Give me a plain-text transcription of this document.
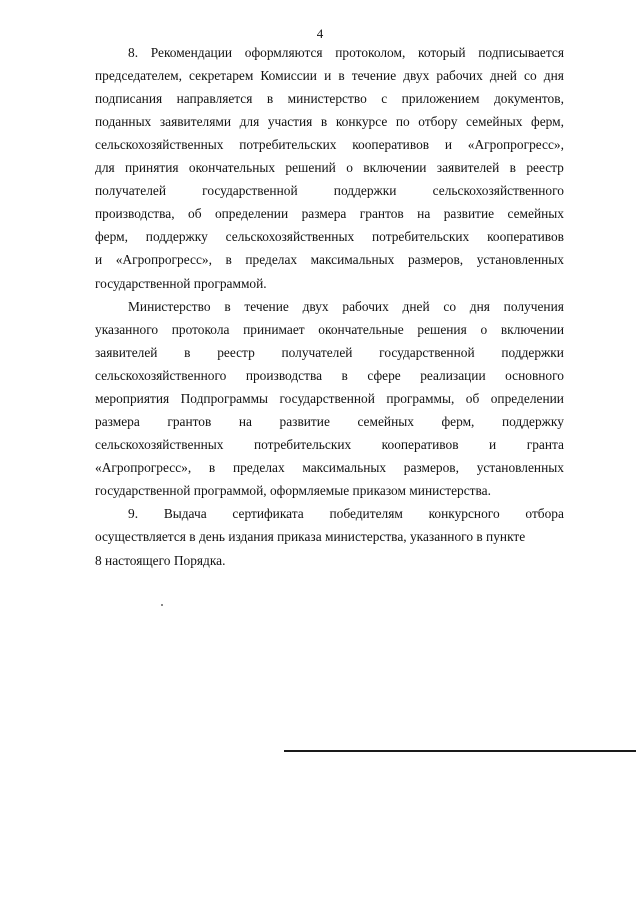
4
8. Рекомендации оформляются протоколом, который подписывается
председателем, секретарем Комиссии и в течение двух рабочих дней со дня
подписания направляется в министерство с приложением документов,
поданных заявителями для участия в конкурсе по отбору семейных ферм,
сельскохозяйственных потребительских кооперативов и «Агропрогресс»,
для принятия окончательных решений о включении заявителей в реестр
получателей	государственной	поддержки	сельскохозяйственного
производства, об определении размера грантов на развитие семейных
ферм, поддержку сельскохозяйственных потребительских кооперативов
и «Агропрогресс», в пределах максимальных размеров, установленных
государственной программой.
Министерство в течение двух рабочих дней со дня получения
указанного протокола принимает окончательные решения о включении
заявителей в реестр получателей государственной поддержки
сельскохозяйственного производства в сфере реализации основного
мероприятия Подпрограммы государственной программы, об определении
размера грантов на развитие семейных ферм, поддержку
сельскохозяйственных потребительских кооперативов и гранта
«Агропрогресс», в пределах максимальных размеров, установленных
государственной программой, оформляемые приказом министерства.
9. Выдача сертификата победителям конкурсного отбора
осуществляется в день издания приказа министерства, указанного в пункте
8 настоящего Порядка.
